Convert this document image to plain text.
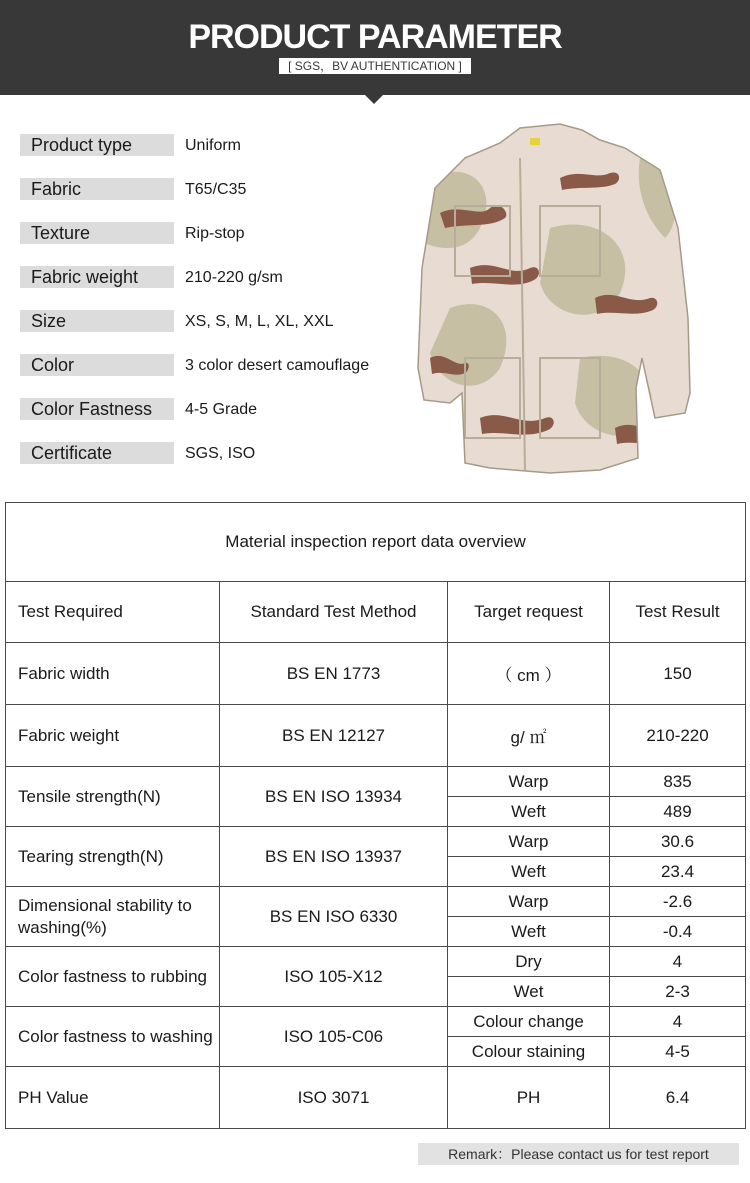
PRODUCT PARAMETER
[ SGS，BV AUTHENTICATION ]
Product type	Uniform
Fabric	T65/C35
Texture	Rip-stop
Fabric weight	210-220 g/sm
Size	XS, S, M, L, XL, XXL
Color	3 color desert camouflage
Color Fastness	4-5 Grade
Certificate	SGS, ISO
Material inspection report data overview			
Test Required	Standard Test Method	Target request	Test Result
Fabric width	BS EN 1773	（ cm ）	150
Fabric weight	BS EN 12127	g/ ㎡	210-220
Tensile strength(N)	BS EN ISO 13934	Warp	835
		Weft	489
Tearing strength(N)	BS EN ISO 13937	Warp	30.6
		Weft	23.4
Dimensional stability to washing(%)	BS EN ISO 6330	Warp	-2.6
		Weft	-0.4
Color fastness to rubbing	ISO 105-X12	Dry	4
		Wet	2-3
Color fastness to washing	ISO 105-C06	Colour change	4
		Colour staining	4-5
PH Value	ISO 3071	PH	6.4
Remark：Please contact us for test report
